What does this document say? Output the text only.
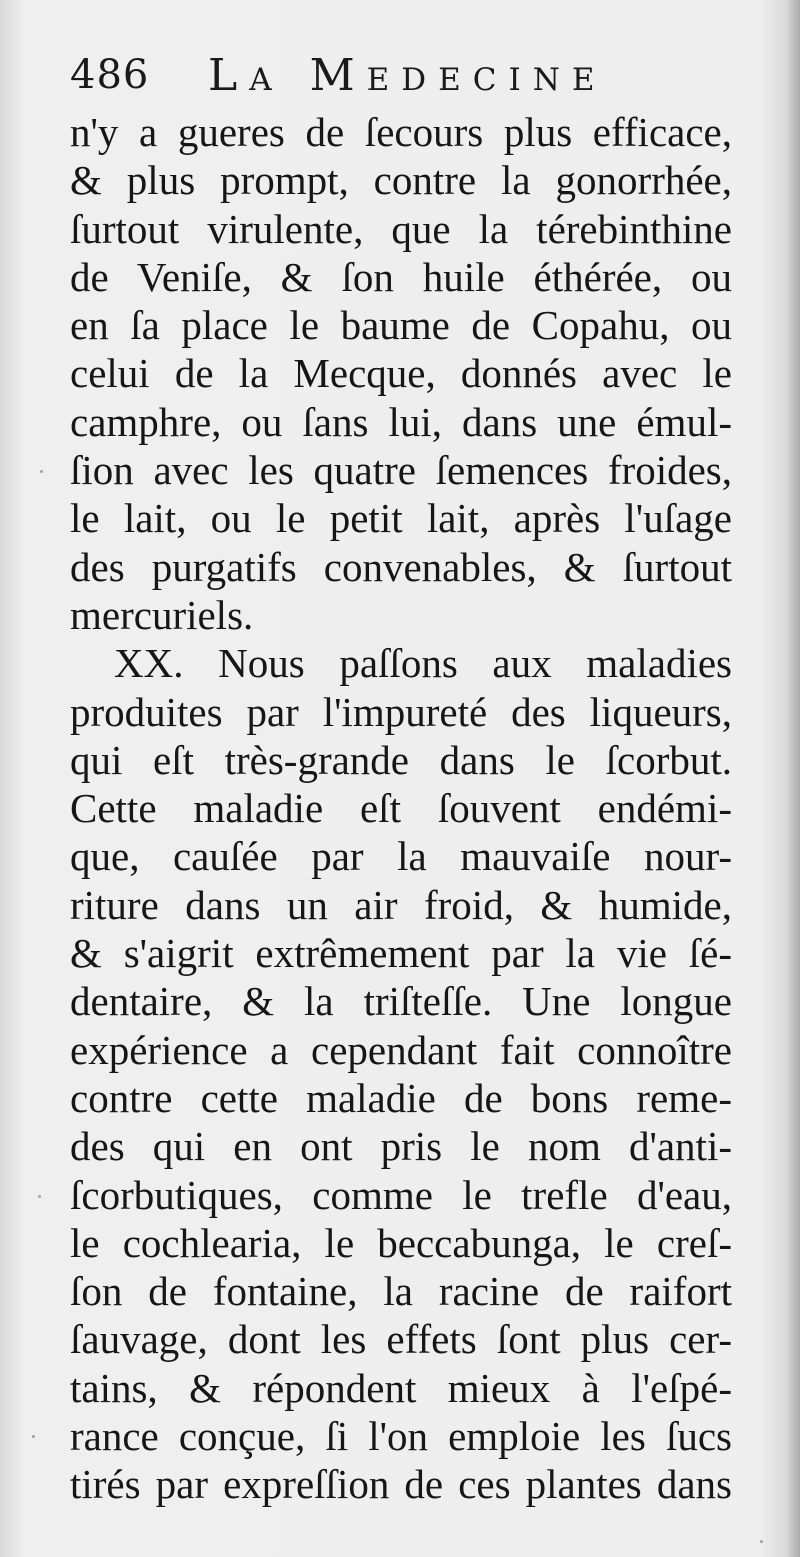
486 La Medecine
n'y a gueres de ſecours plus efficace,
& plus prompt, contre la gonorrhée,
ſurtout virulente, que la térebinthine
de Veniſe, & ſon huile éthérée, ou
en ſa place le baume de Copahu, ou
celui de la Mecque, donnés avec le
camphre, ou ſans lui, dans une émul-
ſion avec les quatre ſemences froides,
le lait, ou le petit lait, après l'uſage
des purgatifs convenables, & ſurtout
mercuriels.
XX. Nous paſſons aux maladies
produites par l'impureté des liqueurs,
qui eſt très-grande dans le ſcorbut.
Cette maladie eſt ſouvent endémi-
que, cauſée par la mauvaiſe nour-
riture dans un air froid, & humide,
& s'aigrit extrêmement par la vie ſé-
dentaire, & la triſteſſe. Une longue
expérience a cependant fait connoître
contre cette maladie de bons reme-
des qui en ont pris le nom d'anti-
ſcorbutiques, comme le trefle d'eau,
le cochlearia, le beccabunga, le creſ-
ſon de fontaine, la racine de raifort
ſauvage, dont les effets ſont plus cer-
tains, & répondent mieux à l'eſpé-
rance conçue, ſi l'on emploie les ſucs
tirés par expreſſion de ces plantes dans
